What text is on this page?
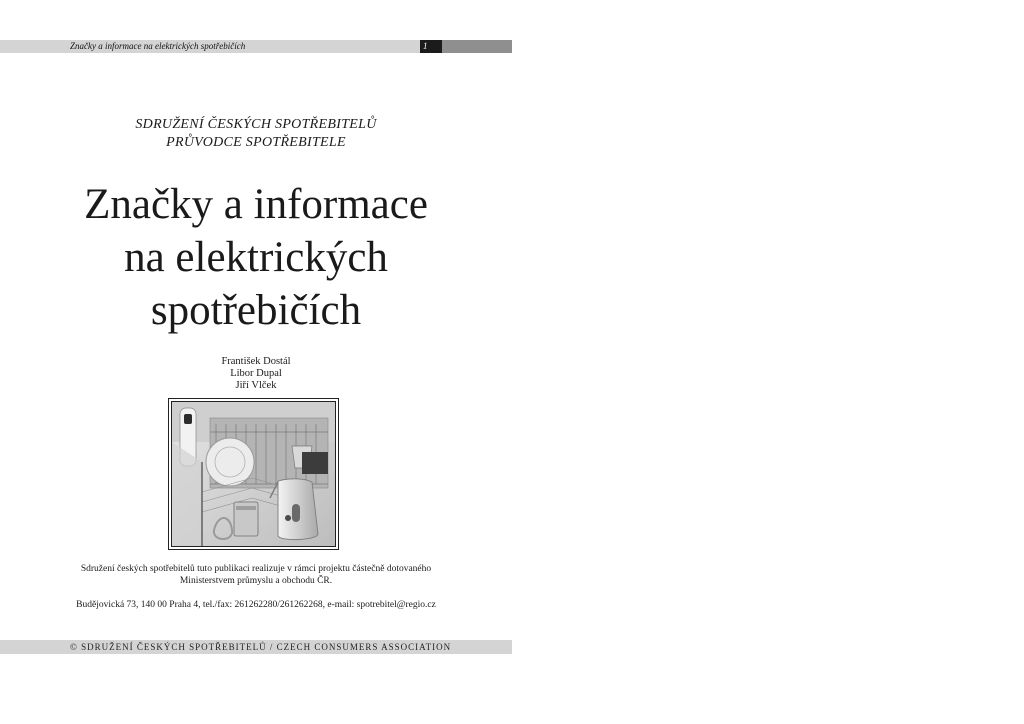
Značky a informace na elektrických spotřebičích	1
SDRUŽENÍ ČESKÝCH SPOTŘEBITELŮ
PRŮVODCE SPOTŘEBITELE
Značky a informace
na elektrických
spotřebičích
František Dostál
Libor Dupal
Jiří Vlček
Sdružení českých spotřebitelů tuto publikaci realizuje v rámci projektu částečně dotovaného
Ministerstvem průmyslu a obchodu ČR.
Budějovická 73, 140 00 Praha 4, tel./fax: 261262280/261262268, e-mail: spotrebitel@regio.cz
© SDRUŽENÍ ČESKÝCH SPOTŘEBITELŮ / CZECH CONSUMERS ASSOCIATION
